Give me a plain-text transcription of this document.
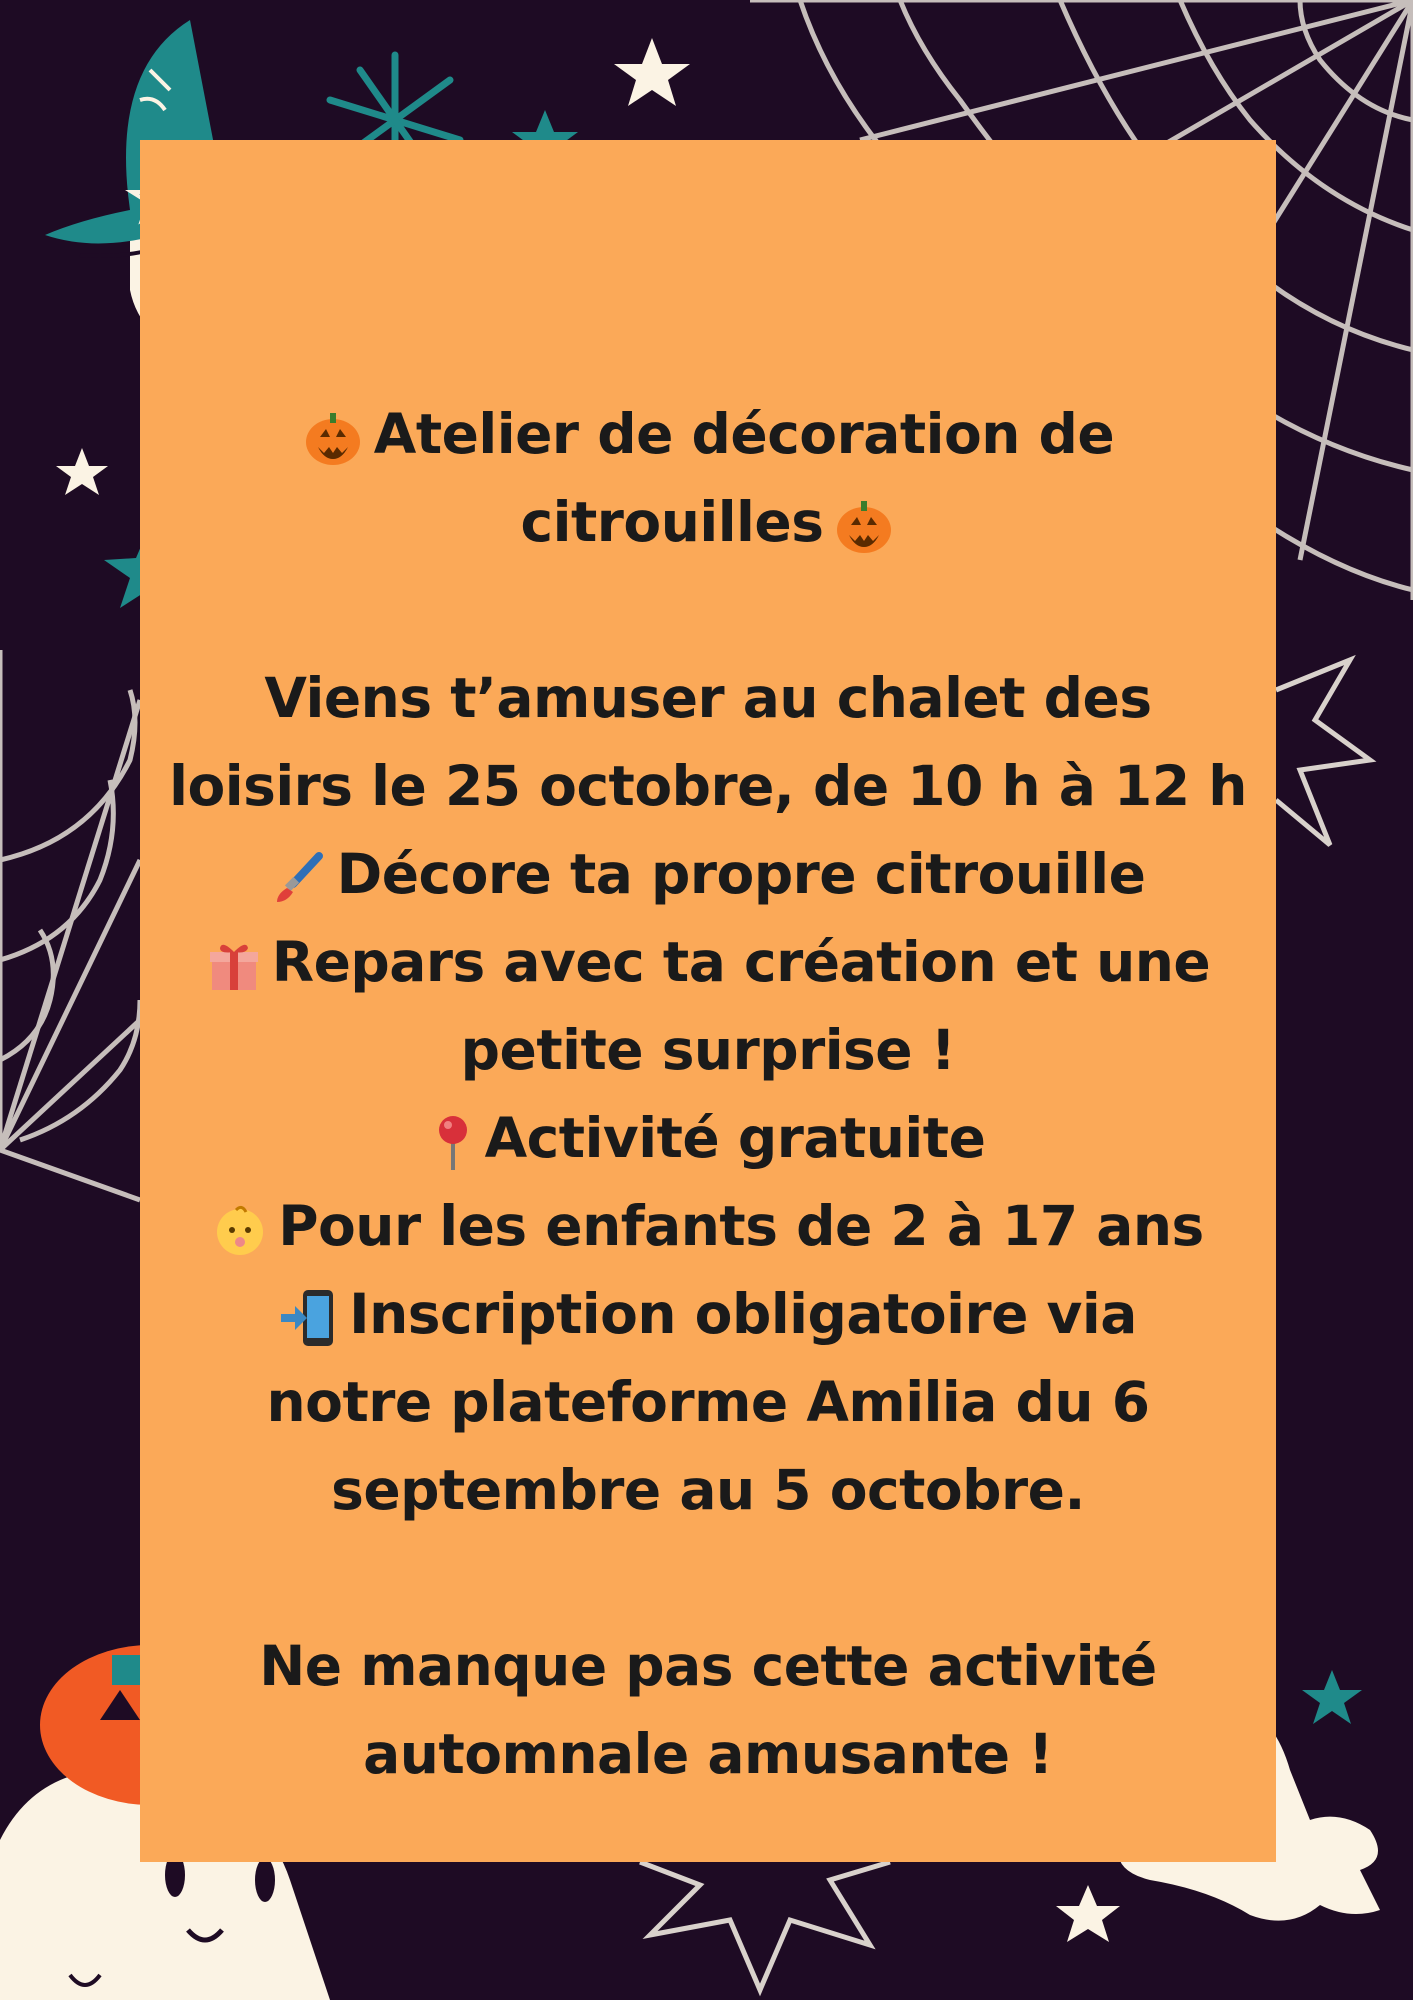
Atelier de décoration de
citrouilles
Viens t’amuser au chalet des
loisirs le 25 octobre, de 10 h à 12 h
Décore ta propre citrouille
Repars avec ta création et une
petite surprise !
Activité gratuite
Pour les enfants de 2 à 17 ans
Inscription obligatoire via
notre plateforme Amilia du 6
septembre au 5 octobre.
Ne manque pas cette activité
automnale amusante !
